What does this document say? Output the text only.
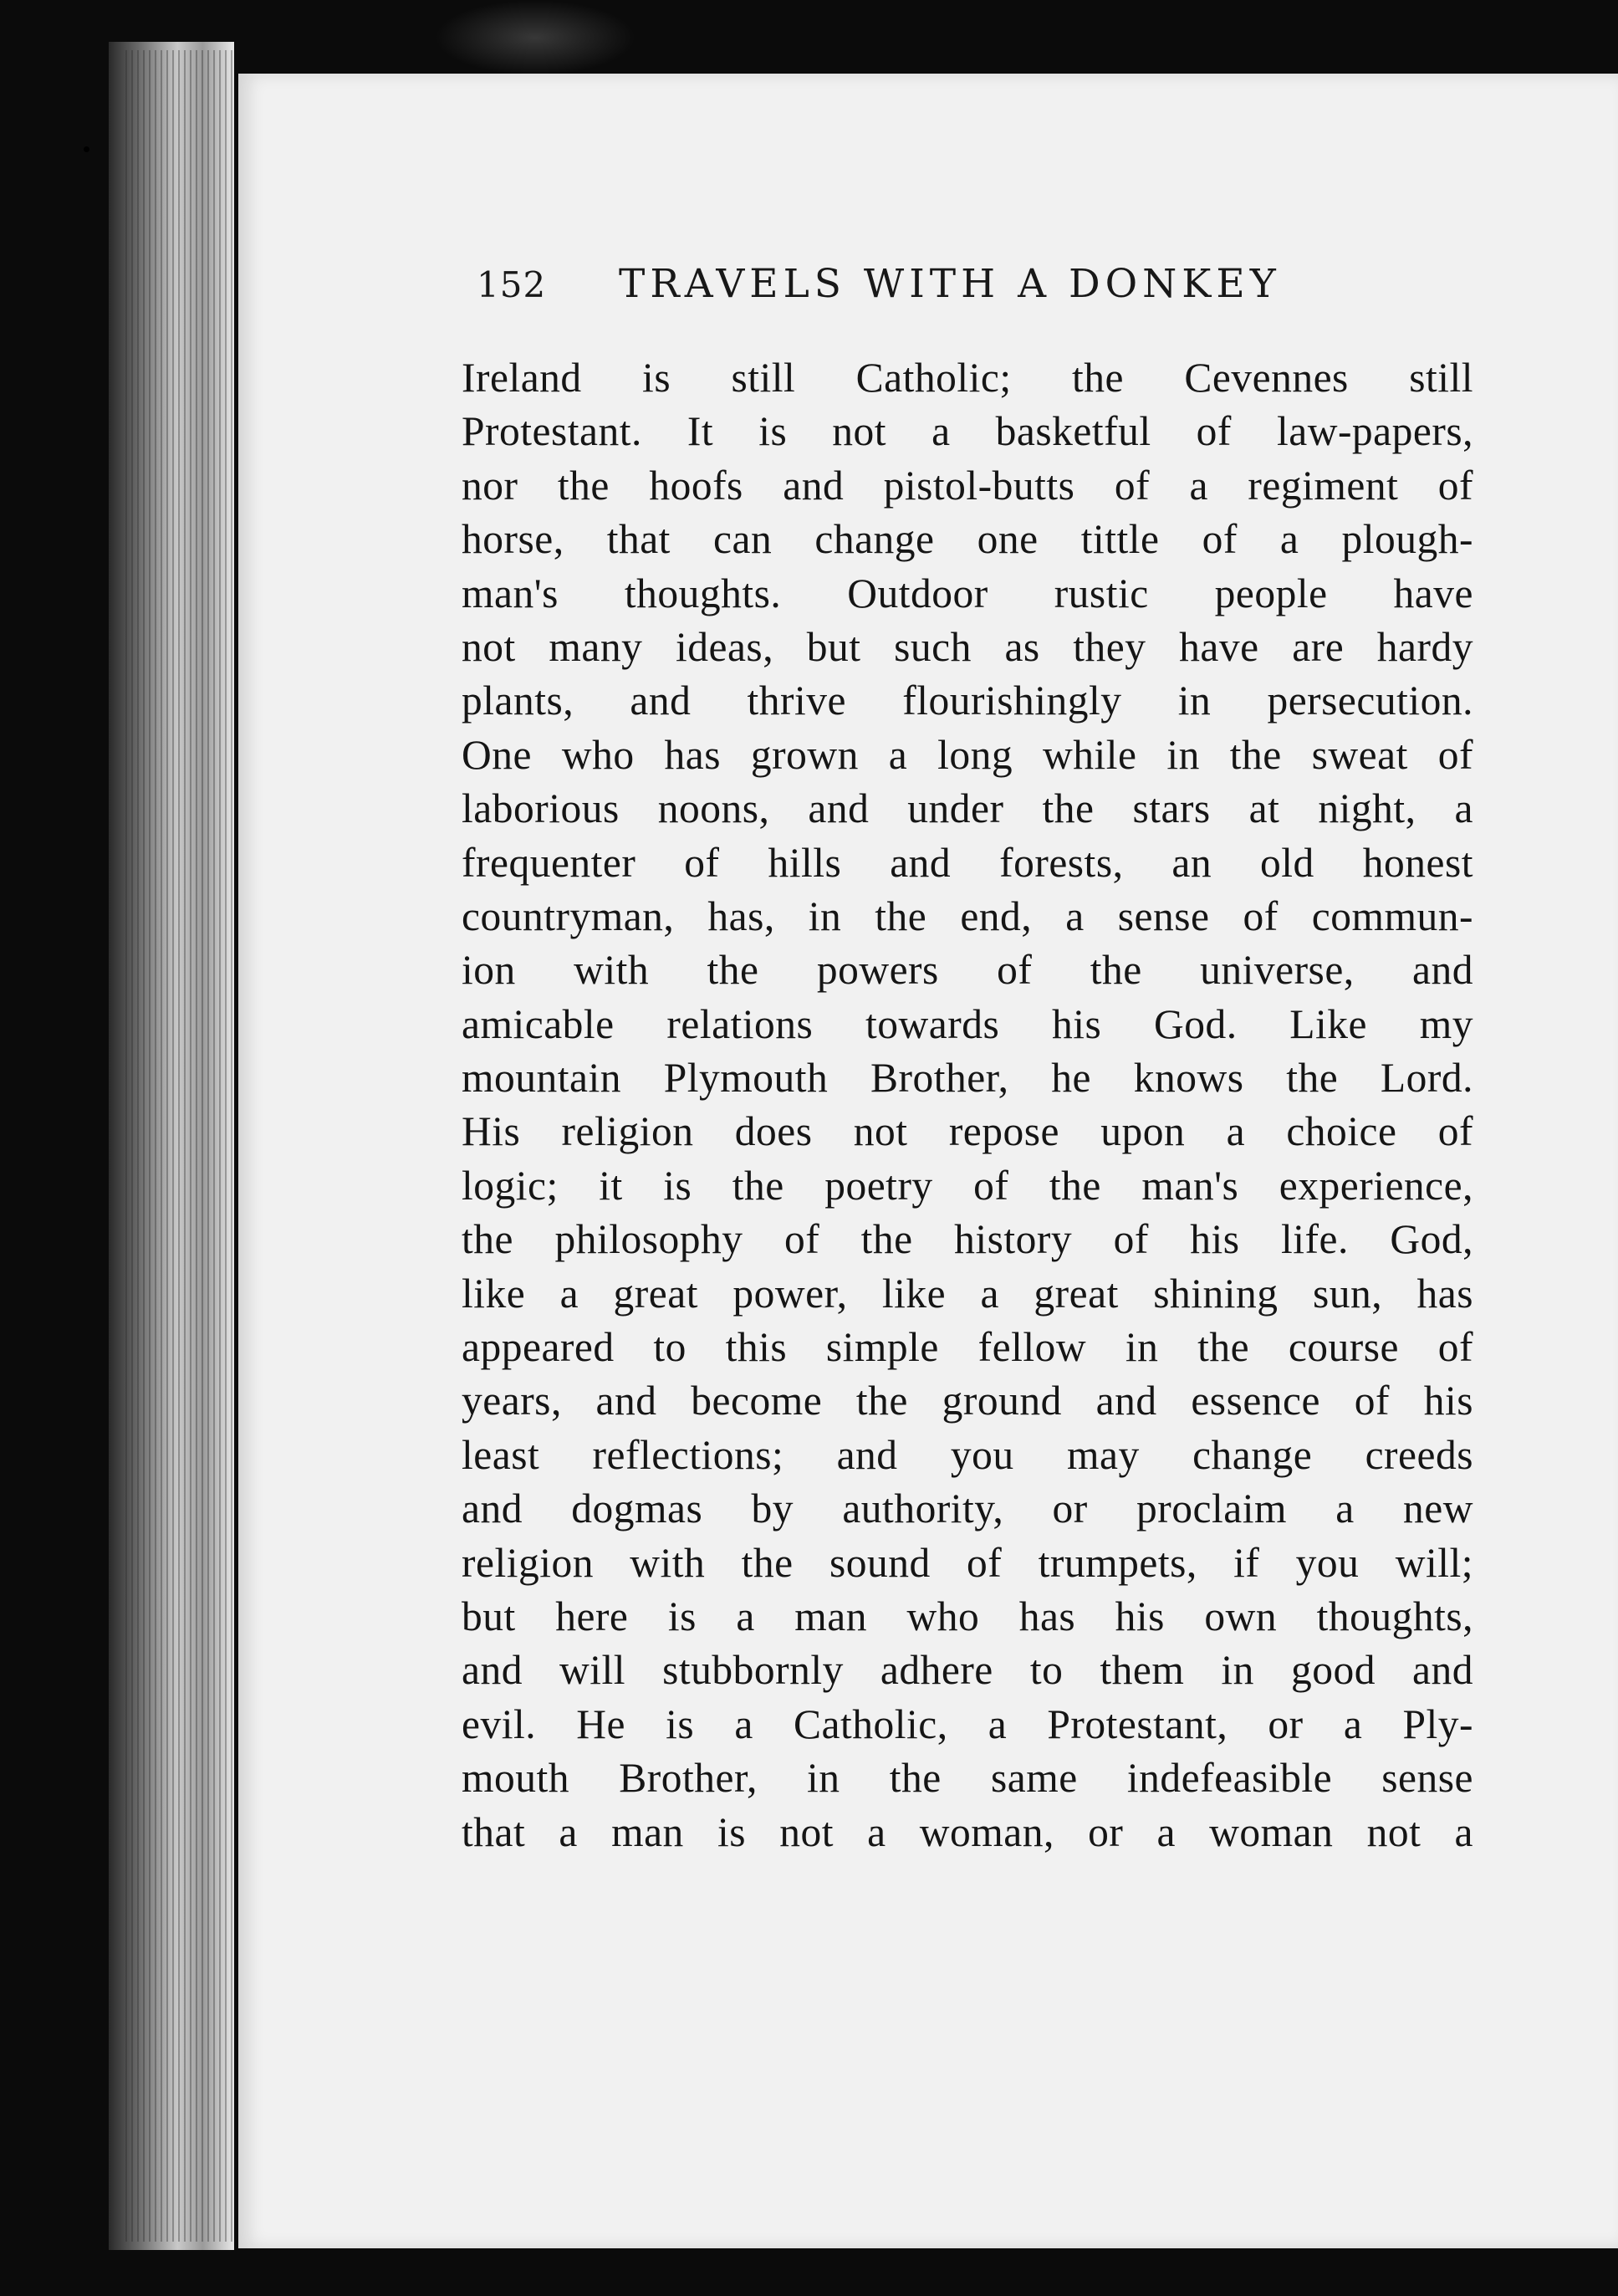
152 TRAVELS WITH A DONKEY
Ireland is still Catholic; the Cevennes still
Protestant. It is not a basketful of law-papers,
nor the hoofs and pistol-butts of a regiment of
horse, that can change one tittle of a plough-
man's thoughts. Outdoor rustic people have
not many ideas, but such as they have are hardy
plants, and thrive flourishingly in persecution.
One who has grown a long while in the sweat of
laborious noons, and under the stars at night, a
frequenter of hills and forests, an old honest
countryman, has, in the end, a sense of commun-
ion with the powers of the universe, and
amicable relations towards his God. Like my
mountain Plymouth Brother, he knows the Lord.
His religion does not repose upon a choice of
logic; it is the poetry of the man's experience,
the philosophy of the history of his life. God,
like a great power, like a great shining sun, has
appeared to this simple fellow in the course of
years, and become the ground and essence of his
least reflections; and you may change creeds
and dogmas by authority, or proclaim a new
religion with the sound of trumpets, if you will;
but here is a man who has his own thoughts,
and will stubbornly adhere to them in good and
evil. He is a Catholic, a Protestant, or a Ply-
mouth Brother, in the same indefeasible sense
that a man is not a woman, or a woman not a
